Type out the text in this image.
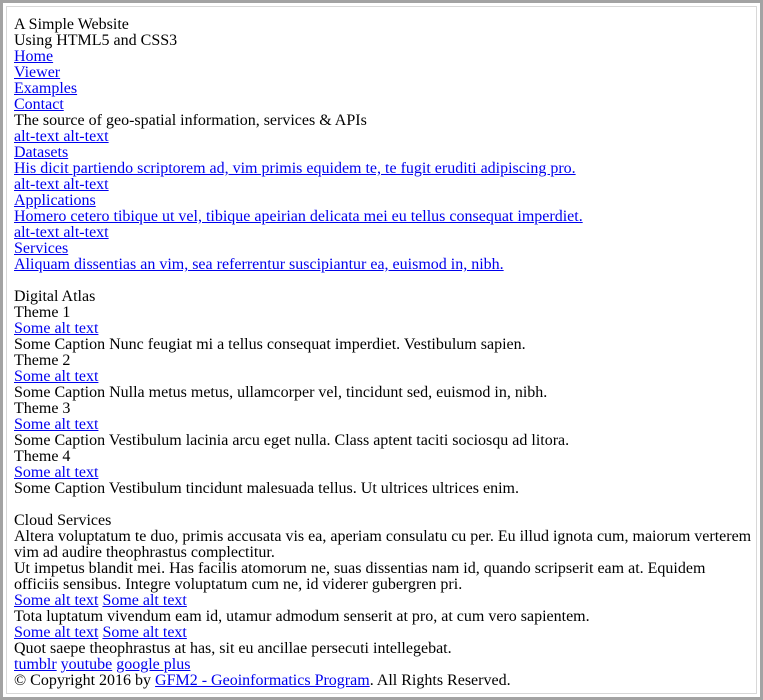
A Simple Website
Using HTML5 and CSS3
Home
Viewer
Examples
Contact
The source of geo-spatial information, services & APIs
alt-text alt-text
Datasets
His dicit partiendo scriptorem ad, vim primis equidem te, te fugit eruditi adipiscing pro.
alt-text alt-text
Applications
Homero cetero tibique ut vel, tibique apeirian delicata mei eu tellus consequat imperdiet.
alt-text alt-text
Services
Aliquam dissentias an vim, sea referrentur suscipiantur ea, euismod in, nibh.
Digital Atlas
Theme 1
Some alt text
Some Caption Nunc feugiat mi a tellus consequat imperdiet. Vestibulum sapien.
Theme 2
Some alt text
Some Caption Nulla metus metus, ullamcorper vel, tincidunt sed, euismod in, nibh.
Theme 3
Some alt text
Some Caption Vestibulum lacinia arcu eget nulla. Class aptent taciti sociosqu ad litora.
Theme 4
Some alt text
Some Caption Vestibulum tincidunt malesuada tellus. Ut ultrices ultrices enim.
Cloud Services
Altera voluptatum te duo, primis accusata vis ea, aperiam consulatu cu per. Eu illud ignota cum, maiorum verterem vim ad audire theophrastus complectitur.
Ut impetus blandit mei. Has facilis atomorum ne, suas dissentias nam id, quando scripserit eam at. Equidem officiis sensibus. Integre voluptatum cum ne, id viderer gubergren pri.
Some alt text Some alt text
Tota luptatum vivendum eam id, utamur admodum senserit at pro, at cum vero sapientem.
Some alt text Some alt text
Quot saepe theophrastus at has, sit eu ancillae persecuti intellegebat.
tumblr youtube google plus
© Copyright 2016 by GFM2 - Geoinformatics Program. All Rights Reserved.
